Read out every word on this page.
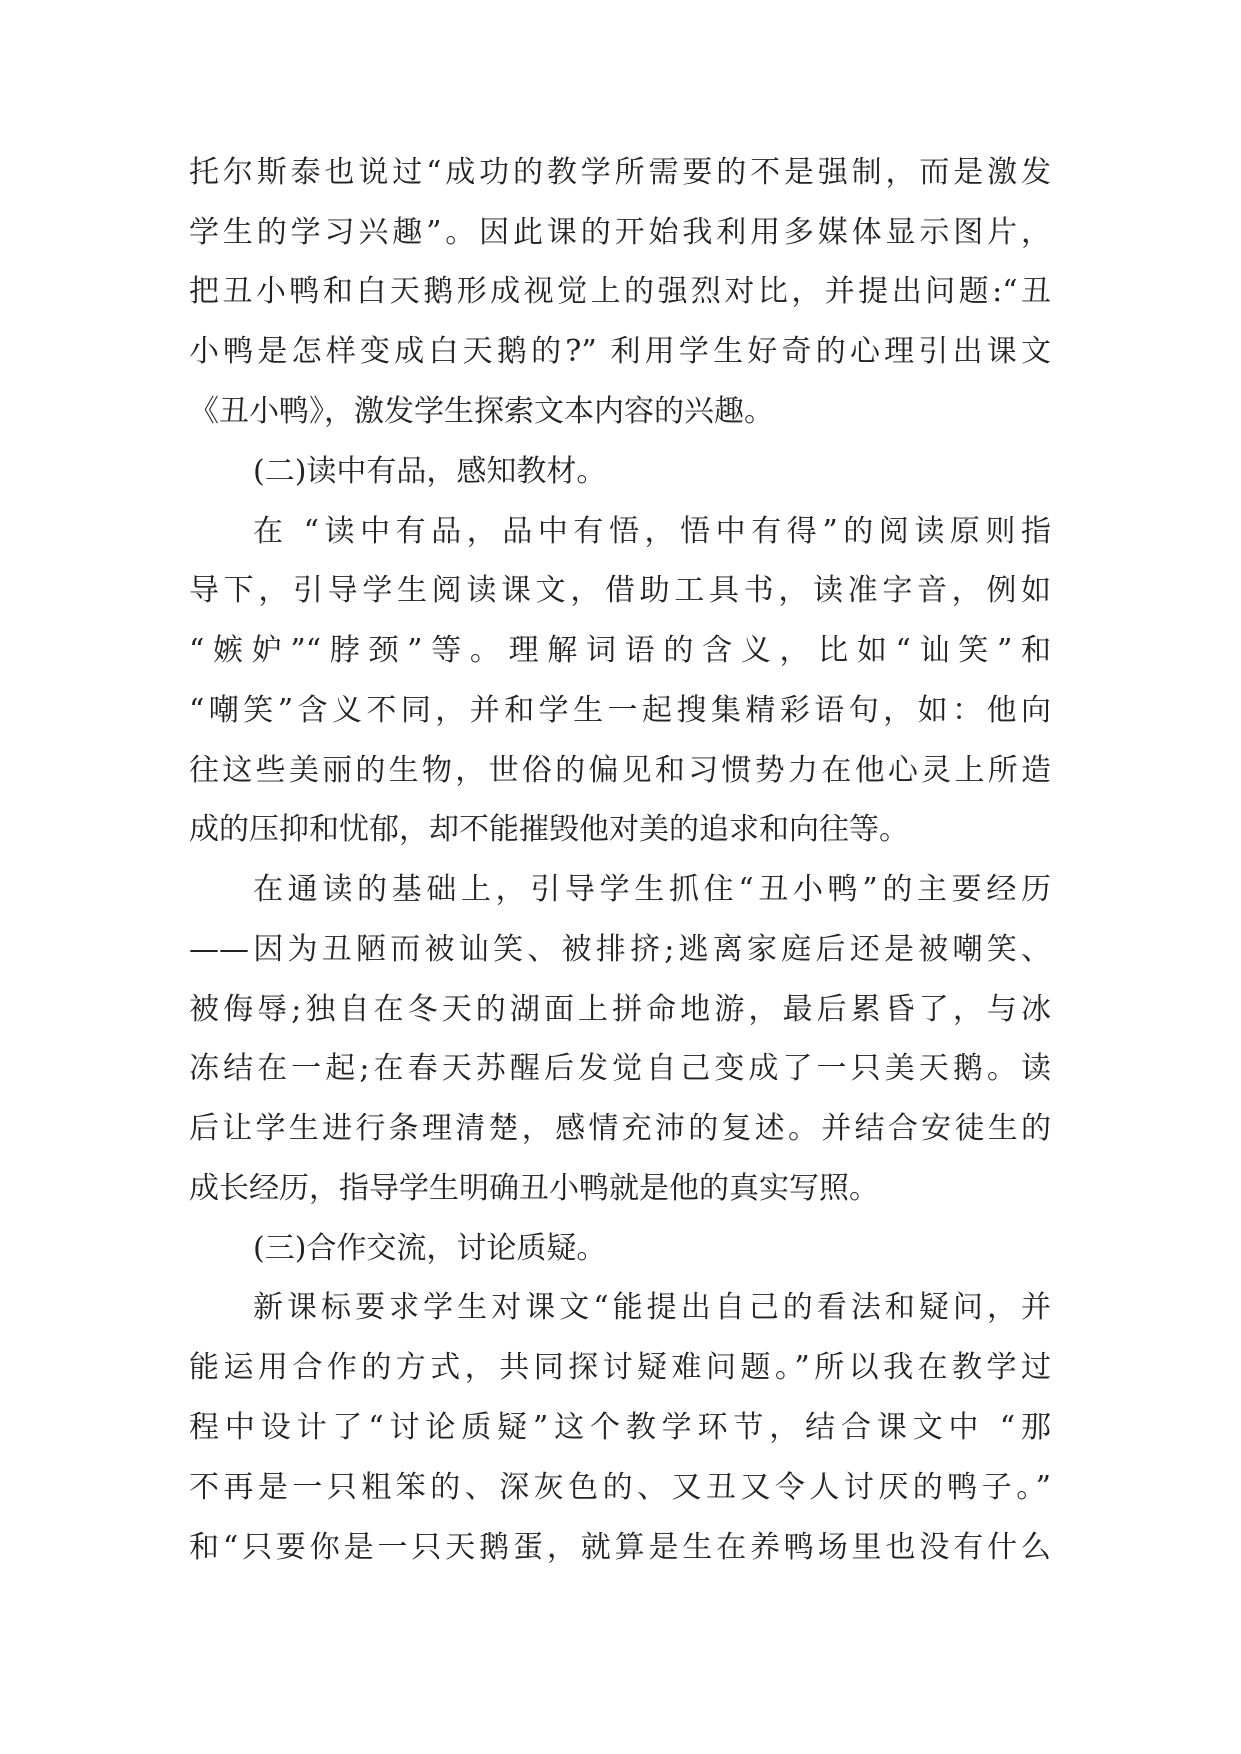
托尔斯泰也说过“成功的教学所需要的不是强制，而是激发
学生的学习兴趣”。因此课的开始我利用多媒体显示图片，
把丑小鸭和白天鹅形成视觉上的强烈对比，并提出问题:“丑
小鸭是怎样变成白天鹅的?” 利用学生好奇的心理引出课文
《丑小鸭》，激发学生探索文本内容的兴趣。
(二)读中有品，感知教材。
在 “读中有品，品中有悟，悟中有得”的阅读原则指
导下，引导学生阅读课文，借助工具书，读准字音，例如
“嫉妒”“脖颈”等。理解词语的含义，比如“讪笑”和
“嘲笑”含义不同，并和学生一起搜集精彩语句，如：他向
往这些美丽的生物，世俗的偏见和习惯势力在他心灵上所造
成的压抑和忧郁，却不能摧毁他对美的追求和向往等。
在通读的基础上，引导学生抓住“丑小鸭”的主要经历
——因为丑陋而被讪笑、被排挤;逃离家庭后还是被嘲笑、
被侮辱;独自在冬天的湖面上拼命地游，最后累昏了，与冰
冻结在一起;在春天苏醒后发觉自己变成了一只美天鹅。读
后让学生进行条理清楚，感情充沛的复述。并结合安徒生的
成长经历，指导学生明确丑小鸭就是他的真实写照。
(三)合作交流，讨论质疑。
新课标要求学生对课文“能提出自己的看法和疑问，并
能运用合作的方式，共同探讨疑难问题。”所以我在教学过
程中设计了“讨论质疑”这个教学环节，结合课文中 “那
不再是一只粗笨的、深灰色的、又丑又令人讨厌的鸭子。”
和“只要你是一只天鹅蛋，就算是生在养鸭场里也没有什么
